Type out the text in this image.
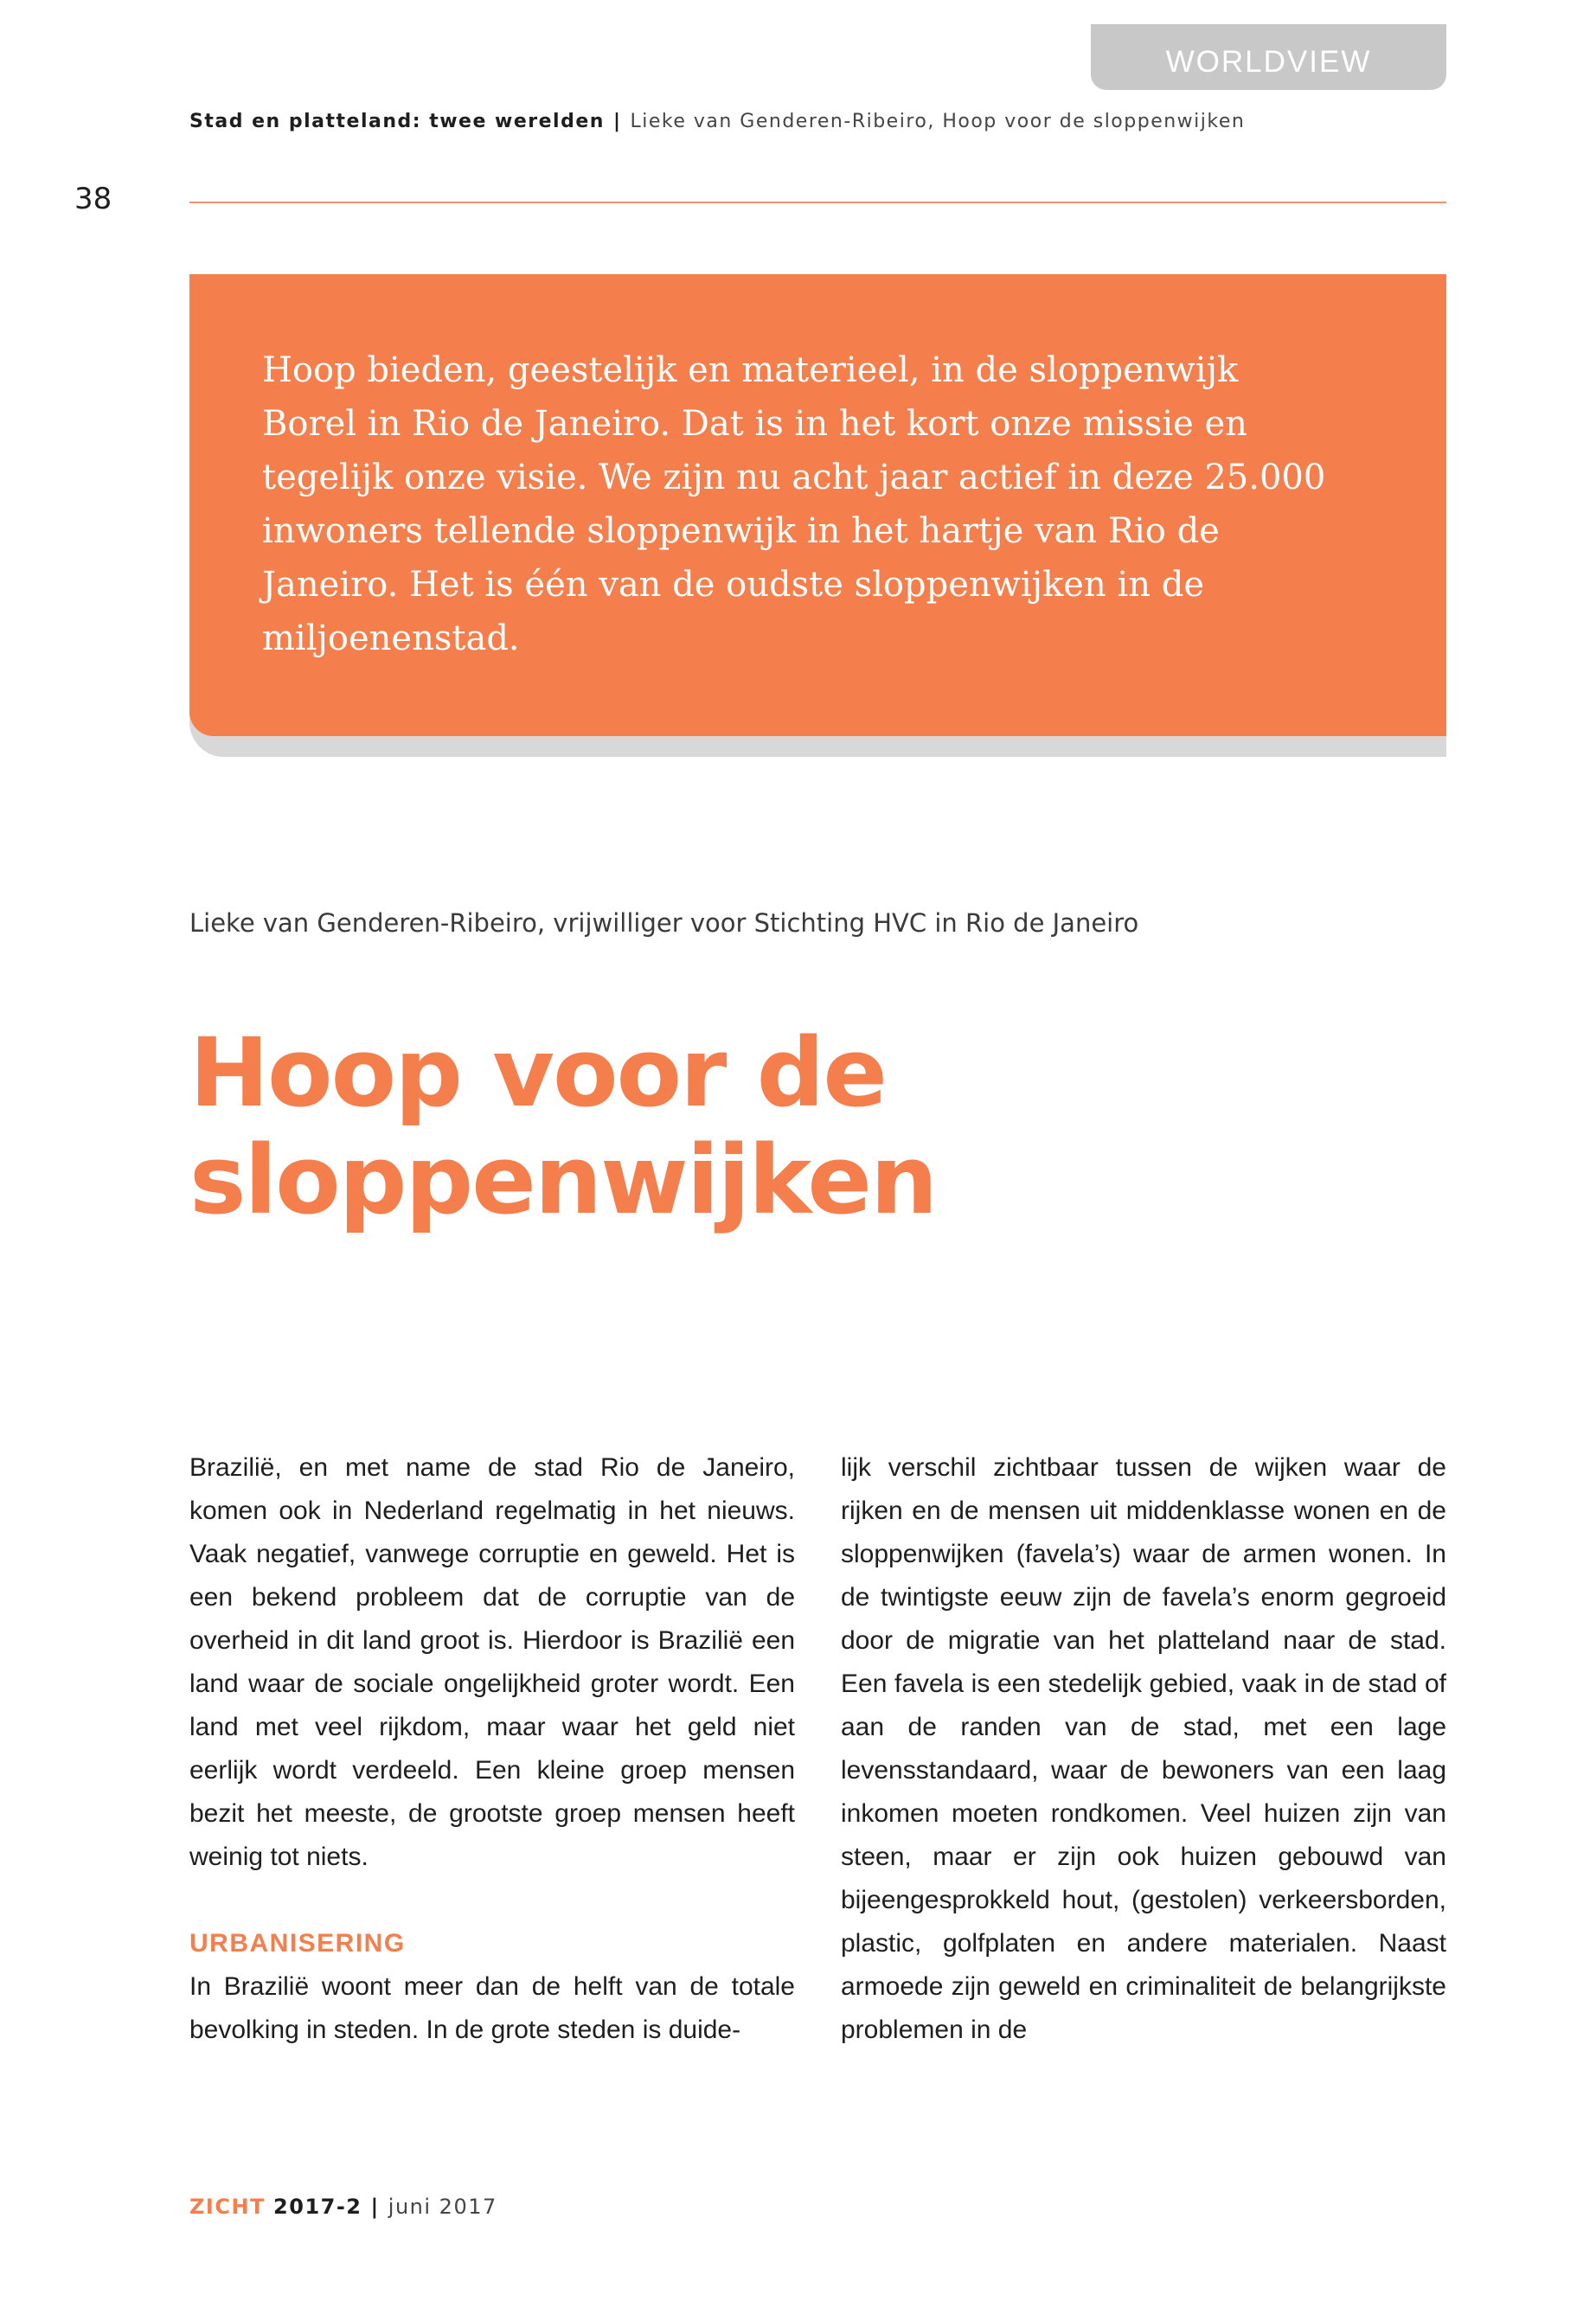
WORLDVIEW
Stad en platteland: twee werelden | Lieke van Genderen-Ribeiro, Hoop voor de sloppenwijken
38

Hoop bieden, geestelijk en materieel, in de sloppenwijk Borel in Rio de Janeiro. Dat is in het kort onze missie en tegelijk onze visie. We zijn nu acht jaar actief in deze 25.000 inwoners tellende sloppenwijk in het hartje van Rio de Janeiro. Het is één van de oudste sloppenwijken in de miljoenenstad.

Lieke van Genderen-Ribeiro, vrijwilliger voor Stichting HVC in Rio de Janeiro
Hoop voor de sloppenwijken

Brazilië, en met name de stad Rio de Janeiro, komen ook in Nederland regelmatig in het nieuws. Vaak negatief, vanwege corruptie en geweld. Het is een bekend probleem dat de corruptie van de overheid in dit land groot is. Hierdoor is Brazilië een land waar de sociale ongelijkheid groter wordt. Een land met veel rijkdom, maar waar het geld niet eerlijk wordt verdeeld. Een kleine groep mensen bezit het meeste, de grootste groep mensen heeft weinig tot niets.

URBANISERING

In Brazilië woont meer dan de helft van de totale bevolking in steden. In de grote steden is duide-

lijk verschil zichtbaar tussen de wijken waar de rijken en de mensen uit middenklasse wonen en de sloppenwijken (favela’s) waar de armen wonen. In de twintigste eeuw zijn de favela’s enorm gegroeid door de migratie van het platteland naar de stad. Een favela is een stedelijk gebied, vaak in de stad of aan de randen van de stad, met een lage levensstandaard, waar de bewoners van een laag inkomen moeten rondkomen. Veel huizen zijn van steen, maar er zijn ook huizen gebouwd van bijeengesprokkeld hout, (gestolen) verkeersborden, plastic, golfplaten en andere materialen. Naast armoede zijn geweld en criminaliteit de belangrijkste problemen in de

ZICHT 2017-2 | juni 2017
